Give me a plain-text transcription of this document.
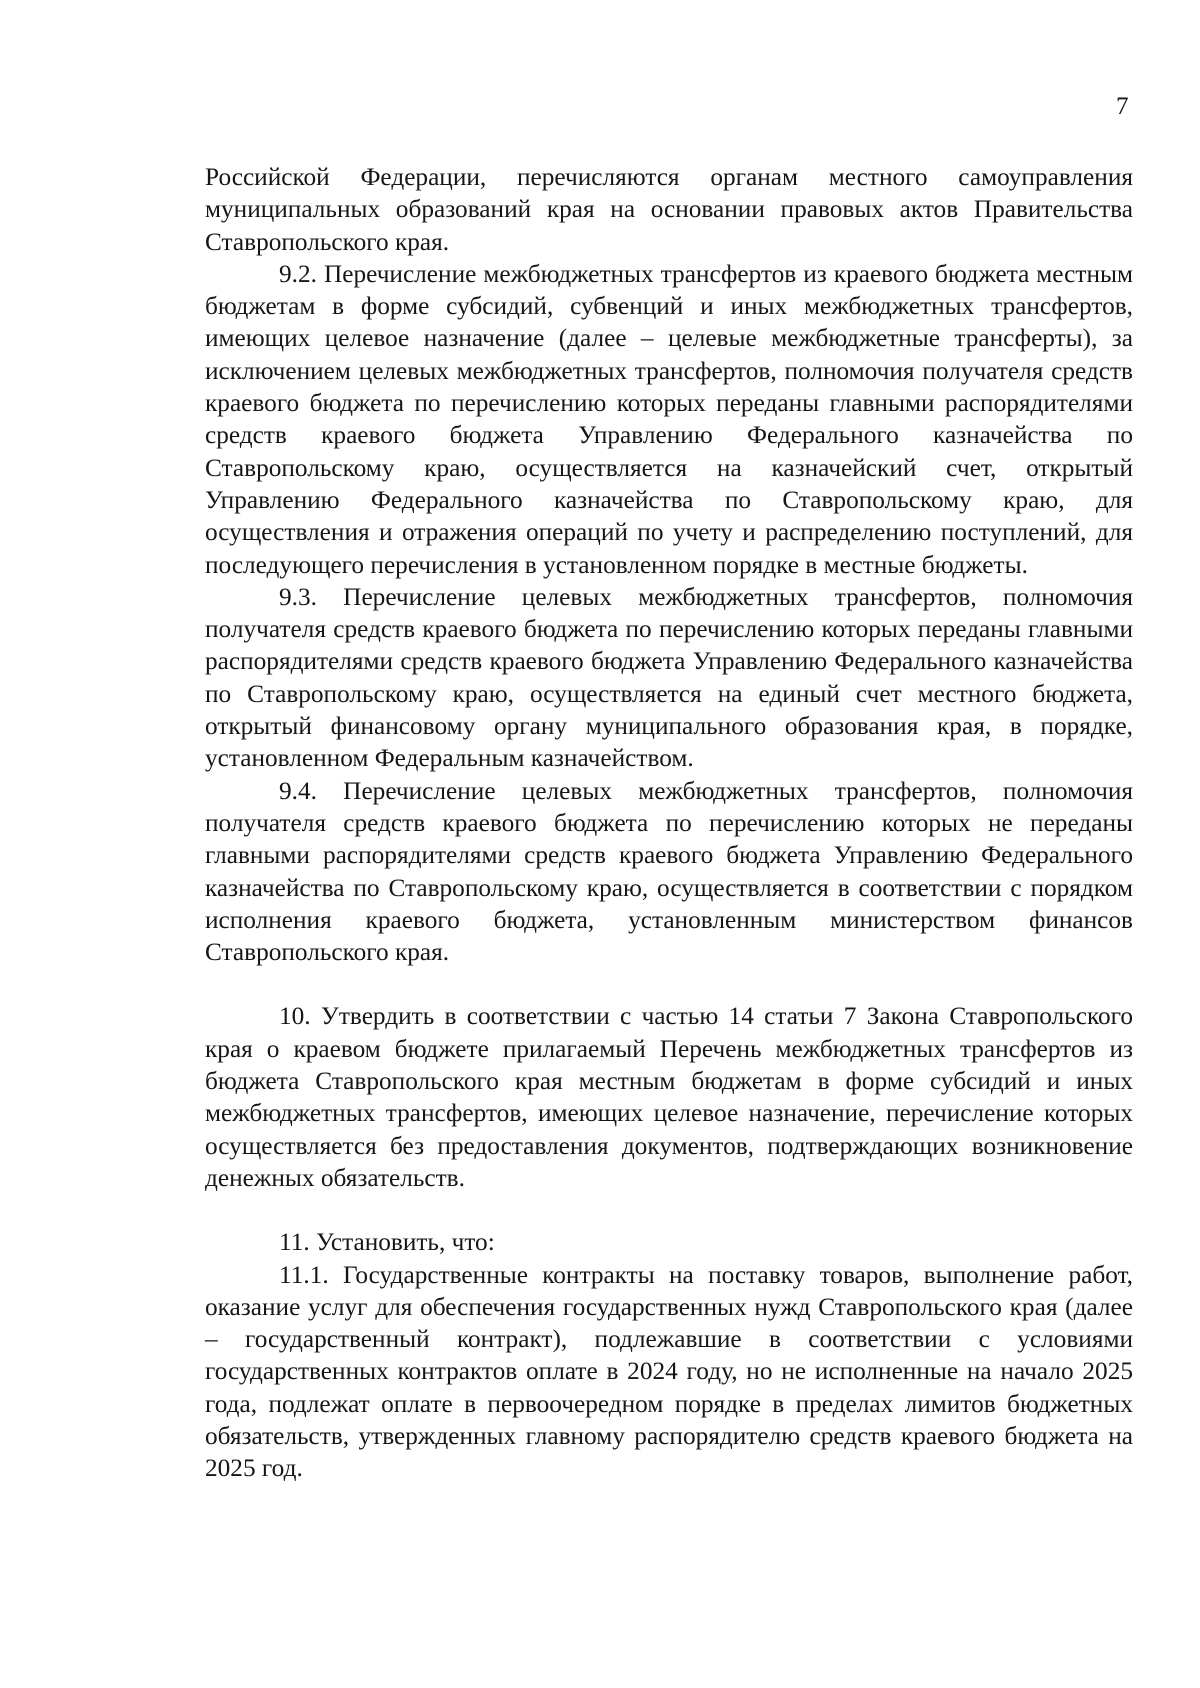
7

Российской Федерации, перечисляются органам местного самоуправления муниципальных образований края на основании правовых актов Правительства Ставропольского края.

9.2. Перечисление межбюджетных трансфертов из краевого бюджета местным бюджетам в форме субсидий, субвенций и иных межбюджетных трансфертов, имеющих целевое назначение (далее – целевые межбюджетные трансферты), за исключением целевых межбюджетных трансфертов, полномочия получателя средств краевого бюджета по перечислению которых переданы главными распорядителями средств краевого бюджета Управлению Федерального казначейства по Ставропольскому краю, осуществляется на казначейский счет, открытый Управлению Федерального казначейства по Ставропольскому краю, для осуществления и отражения операций по учету и распределению поступлений, для последующего перечисления в установленном порядке в местные бюджеты.

9.3. Перечисление целевых межбюджетных трансфертов, полномочия получателя средств краевого бюджета по перечислению которых переданы главными распорядителями средств краевого бюджета Управлению Федерального казначейства по Ставропольскому краю, осуществляется на единый счет местного бюджета, открытый финансовому органу муниципального образования края, в порядке, установленном Федеральным казначейством.

9.4. Перечисление целевых межбюджетных трансфертов, полномочия получателя средств краевого бюджета по перечислению которых не переданы главными распорядителями средств краевого бюджета Управлению Федерального казначейства по Ставропольскому краю, осуществляется в соответствии с порядком исполнения краевого бюджета, установленным министерством финансов Ставропольского края.

10. Утвердить в соответствии с частью 14 статьи 7 Закона Ставропольского края о краевом бюджете прилагаемый Перечень межбюджетных трансфертов из бюджета Ставропольского края местным бюджетам в форме субсидий и иных межбюджетных трансфертов, имеющих целевое назначение, перечисление которых осуществляется без предоставления документов, подтверждающих возникновение денежных обязательств.

11. Установить, что:

11.1. Государственные контракты на поставку товаров, выполнение работ, оказание услуг для обеспечения государственных нужд Ставропольского края (далее – государственный контракт), подлежавшие в соответствии с условиями государственных контрактов оплате в 2024 году, но не исполненные на начало 2025 года, подлежат оплате в первоочередном порядке в пределах лимитов бюджетных обязательств, утвержденных главному распорядителю средств краевого бюджета на 2025 год.
